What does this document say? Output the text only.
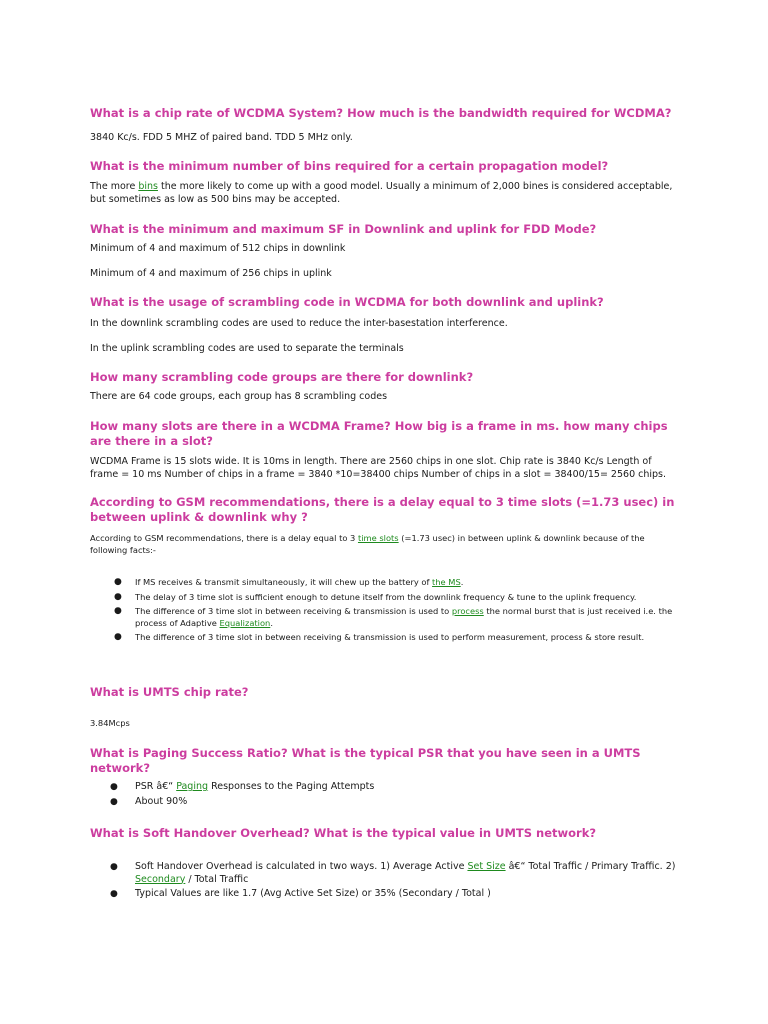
What is a chip rate of WCDMA System? How much is the bandwidth required for WCDMA?

3840 Kc/s. FDD 5 MHZ of paired band. TDD 5 MHz only.

What is the minimum number of bins required for a certain propagation model?

The more bins the more likely to come up with a good model. Usually a minimum of 2,000 bines is considered acceptable, but sometimes as low as 500 bins may be accepted.

What is the minimum and maximum SF in Downlink and uplink for FDD Mode?

Minimum of 4 and maximum of 512 chips in downlink

Minimum of 4 and maximum of 256 chips in uplink

What is the usage of scrambling code in WCDMA for both downlink and uplink?

In the downlink scrambling codes are used to reduce the inter-basestation interference.

In the uplink scrambling codes are used to separate the terminals

How many scrambling code groups are there for downlink?

There are 64 code groups, each group has 8 scrambling codes

How many slots are there in a WCDMA Frame? How big is a frame in ms. how many chips are there in a slot?

WCDMA Frame is 15 slots wide. It is 10ms in length. There are 2560 chips in one slot. Chip rate is 3840 Kc/s Length of frame = 10 ms Number of chips in a frame = 3840 *10=38400 chips Number of chips in a slot = 38400/15= 2560 chips.

According to GSM recommendations, there is a delay equal to 3 time slots (=1.73 usec) in between uplink & downlink why ?

According to GSM recommendations, there is a delay equal to 3 time slots (=1.73 usec) in between uplink & downlink because of the following facts:-

● If MS receives & transmit simultaneously, it will chew up the battery of the MS.
● The delay of 3 time slot is sufficient enough to detune itself from the downlink frequency & tune to the uplink frequency.
● The difference of 3 time slot in between receiving & transmission is used to process the normal burst that is just received i.e. the process of Adaptive Equalization.
● The difference of 3 time slot in between receiving & transmission is used to perform measurement, process & store result.

What is UMTS chip rate?

3.84Mcps

What is Paging Success Ratio? What is the typical PSR that you have seen in a UMTS network?

● PSR â€“ Paging Responses to the Paging Attempts
● About 90%

What is Soft Handover Overhead? What is the typical value in UMTS network?

● Soft Handover Overhead is calculated in two ways. 1) Average Active Set Size â€“ Total Traffic / Primary Traffic. 2) Secondary / Total Traffic
● Typical Values are like 1.7 (Avg Active Set Size) or 35% (Secondary / Total )
